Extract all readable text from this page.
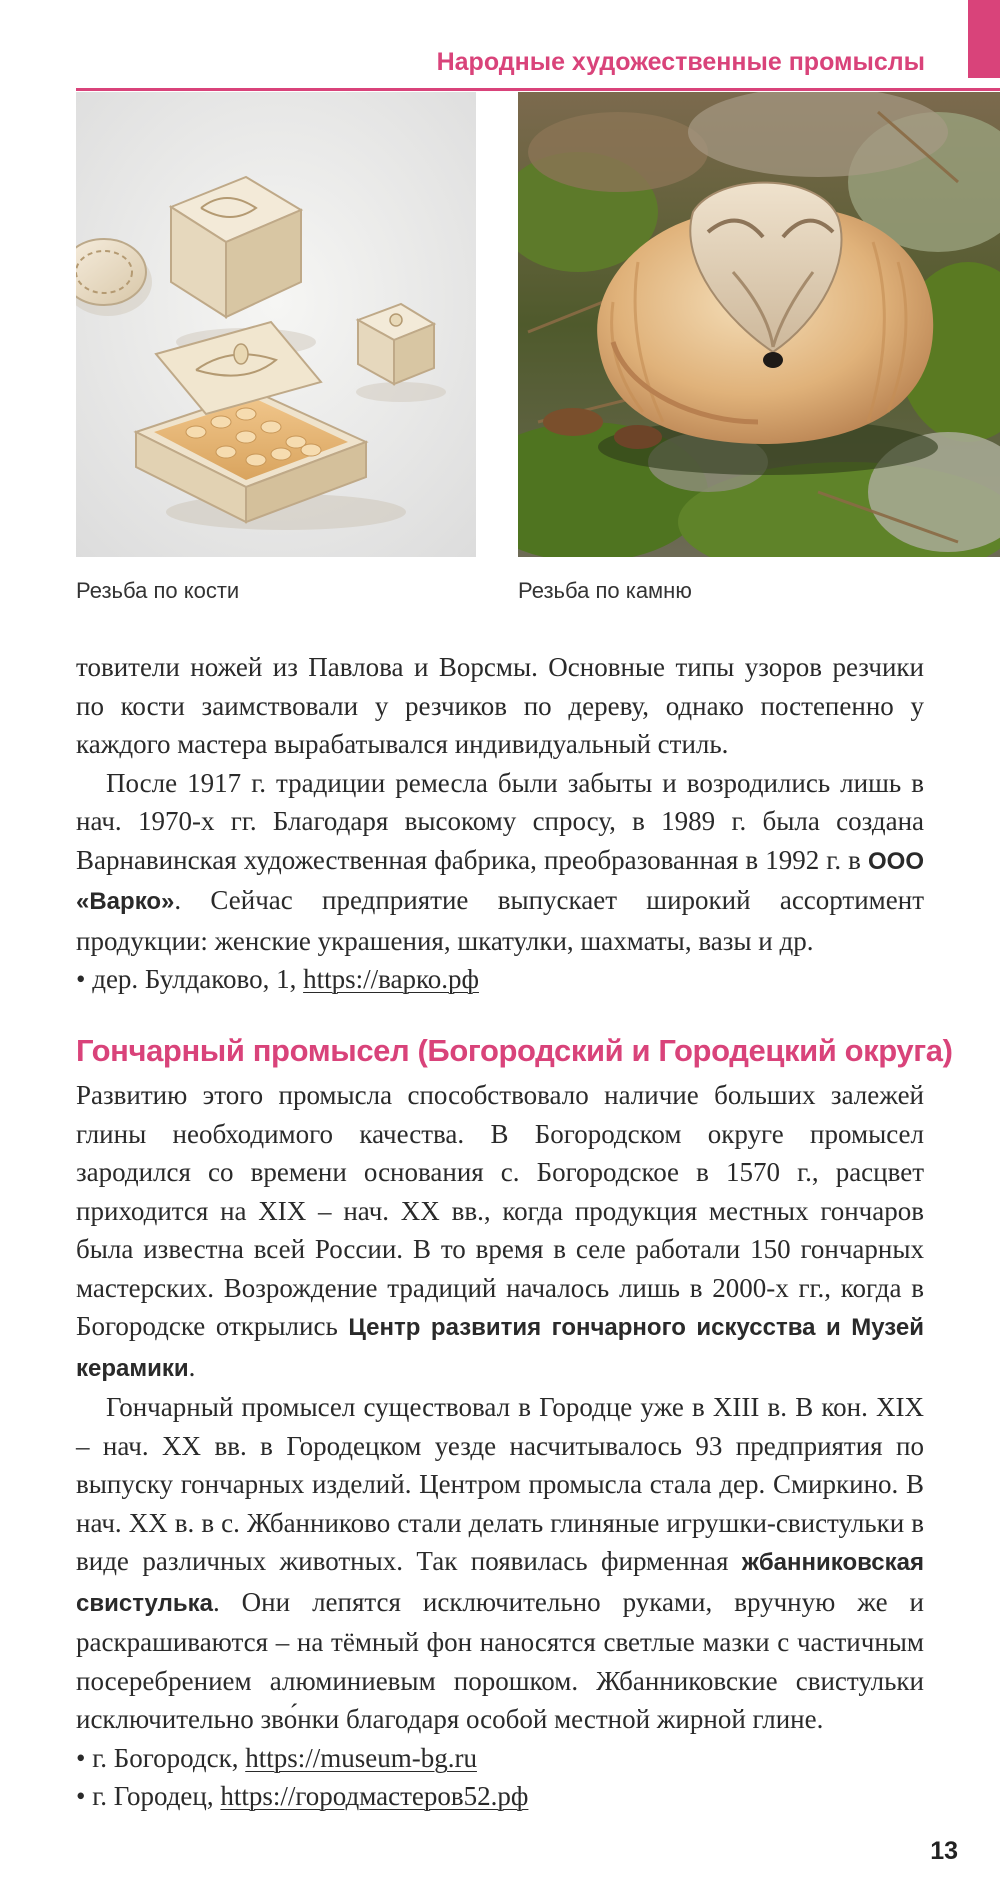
Народные художественные промыслы
Резьба по кости	Резьба по камню

товители ножей из Павлова и Ворсмы. Основные типы узоров резчики по кости заимствовали у резчиков по дереву, однако постепенно у каждого мастера вырабатывался индивидуальный стиль.

После 1917 г. традиции ремесла были забыты и возродились лишь в нач. 1970-х гг. Благодаря высокому спросу, в 1989 г. была создана Варнавинская художественная фабрика, преобразованная в 1992 г. в ООО «Варко». Сейчас предприятие выпускает широкий ассортимент продукции: женские украшения, шкатулки, шахматы, вазы и др.

• дер. Булдаково, 1, https://варко.рф

Гончарный промысел (Богородский и Городецкий округа)

Развитию этого промысла способствовало наличие больших залежей глины необходимого качества. В Богородском округе промысел зародился со времени основания с. Богородское в 1570 г., расцвет приходится на XIX – нач. XX вв., когда продукция местных гончаров была известна всей России. В то время в селе работали 150 гончарных мастерских. Возрождение традиций началось лишь в 2000-х гг., когда в Богородске открылись Центр развития гончарного искусства и Музей керамики.

Гончарный промысел существовал в Городце уже в XIII в. В кон. XIX – нач. XX вв. в Городецком уезде насчитывалось 93 предприятия по выпуску гончарных изделий. Центром промысла стала дер. Смиркино. В нач. XX в. в с. Жбанниково стали делать глиняные игрушки-свистульки в виде различных животных. Так появилась фирменная жбанниковская свистулька. Они лепятся исключительно руками, вручную же и раскрашиваются – на тёмный фон наносятся светлые мазки с частичным посеребрением алюминиевым порошком. Жбанниковские свистульки исключительно зво́нки благодаря особой местной жирной глине.

• г. Богородск, https://museum-bg.ru

• г. Городец, https://городмастеров52.рф

13
